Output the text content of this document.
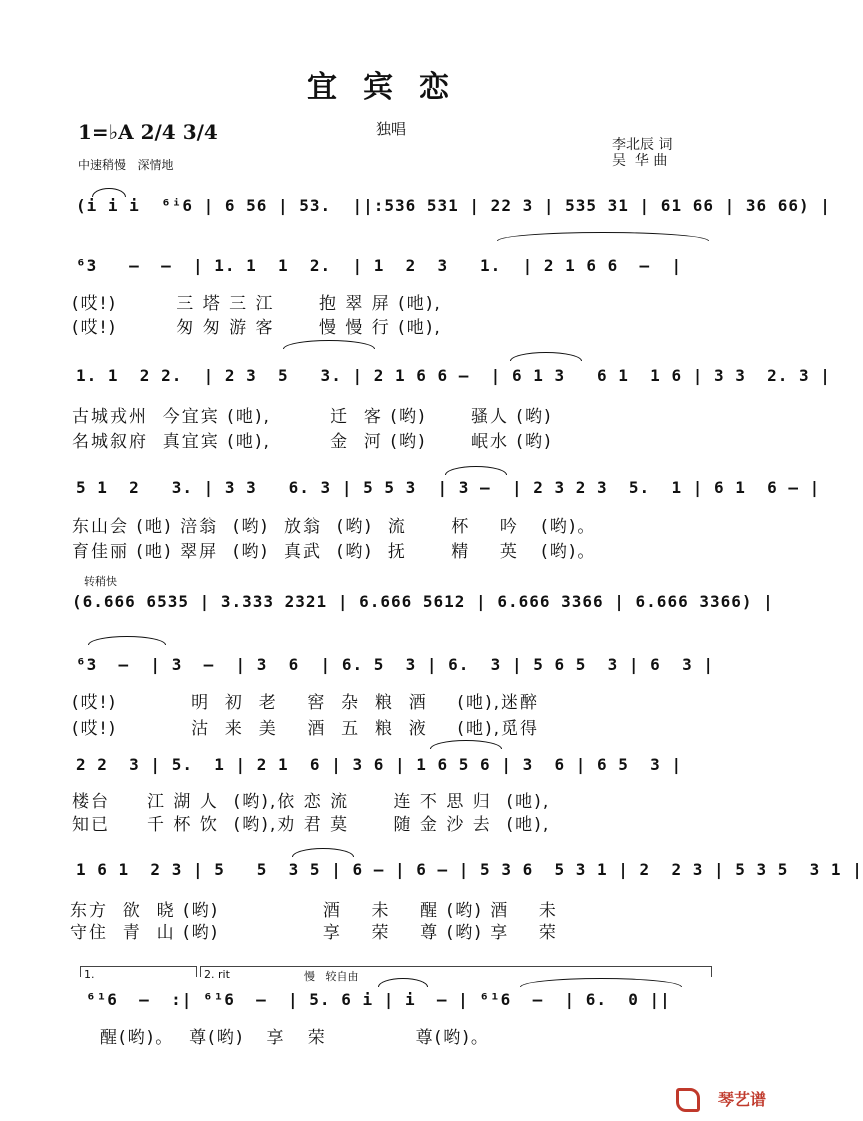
宜宾恋
独唱
1=♭A 2/4 3/4
中速稍慢   深情地
李北辰 词
吴  华 曲
(i i i  ⁶ⁱ6 | 6 56 | 53.  ||:536 531 | 22 3 | 535 31 | 61 66 | 36 66) |
⁶3   –  –  | 1. 1  1  2.  | 1  2  3   1.  | 2 1 6 6  –  |
(哎!)        三 塔 三 江      抱 翠 屏 (吔),
(哎!)        匆 匆 游 客      慢 慢 行 (吔),
1. 1  2 2.  | 2 3  5   3. | 2 1 6 6 –  | 6 1 3   6 1  1 6 | 3 3  2. 3 |
古城戎州  今宜宾 (吔),        迁  客 (哟)      骚人 (哟)
名城叙府  真宜宾 (吔),        金  河 (哟)      岷水 (哟)
5 1  2   3. | 3 3   6. 3 | 5 5 3  | 3 –  | 2 3 2 3  5.  1 | 6 1  6 – |
东山会 (吔) 涪翁  (哟)  放翁  (哟)  流      杯    吟   (哟)。
育佳丽 (吔) 翠屏  (哟)  真武  (哟)  抚      精    英   (哟)。
转稍快
(6.666 6535 | 3.333 2321 | 6.666 5612 | 6.666 3366 | 6.666 3366) |
⁶3  –  | 3  –  | 3  6  | 6. 5  3 | 6.  3 | 5 6 5  3 | 6  3 |
(哎!)          明  初  老    窖  杂  粮  酒    (吔),迷醉
(哎!)          沽  来  美    酒  五  粮  液    (吔),觅得
2 2  3 | 5.  1 | 2 1  6 | 3 6 | 1 6 5 6 | 3  6 | 6 5  3 |
楼台     江 湖 人  (哟),依 恋 流      连 不 思 归  (吔),
知已     千 杯 饮  (哟),劝 君 莫      随 金 沙 去  (吔),
1 6 1  2 3 | 5   5  3 5 | 6 – | 6 – | 5 3 6  5 3 1 | 2  2 3 | 5 3 5  3 1 |
东方  欲  晓 (哟)              酒    未    醒 (哟) 酒    未
守住  青  山 (哟)              享    荣    尊 (哟) 享    荣
1.	2. rit	慢   较自由
⁶¹6  –  :| ⁶¹6  –  | 5. 6 i | i  – | ⁶¹6  –  | 6.  0 ||
醒(哟)。  尊(哟)   享   荣            尊(哟)。
琴艺谱
